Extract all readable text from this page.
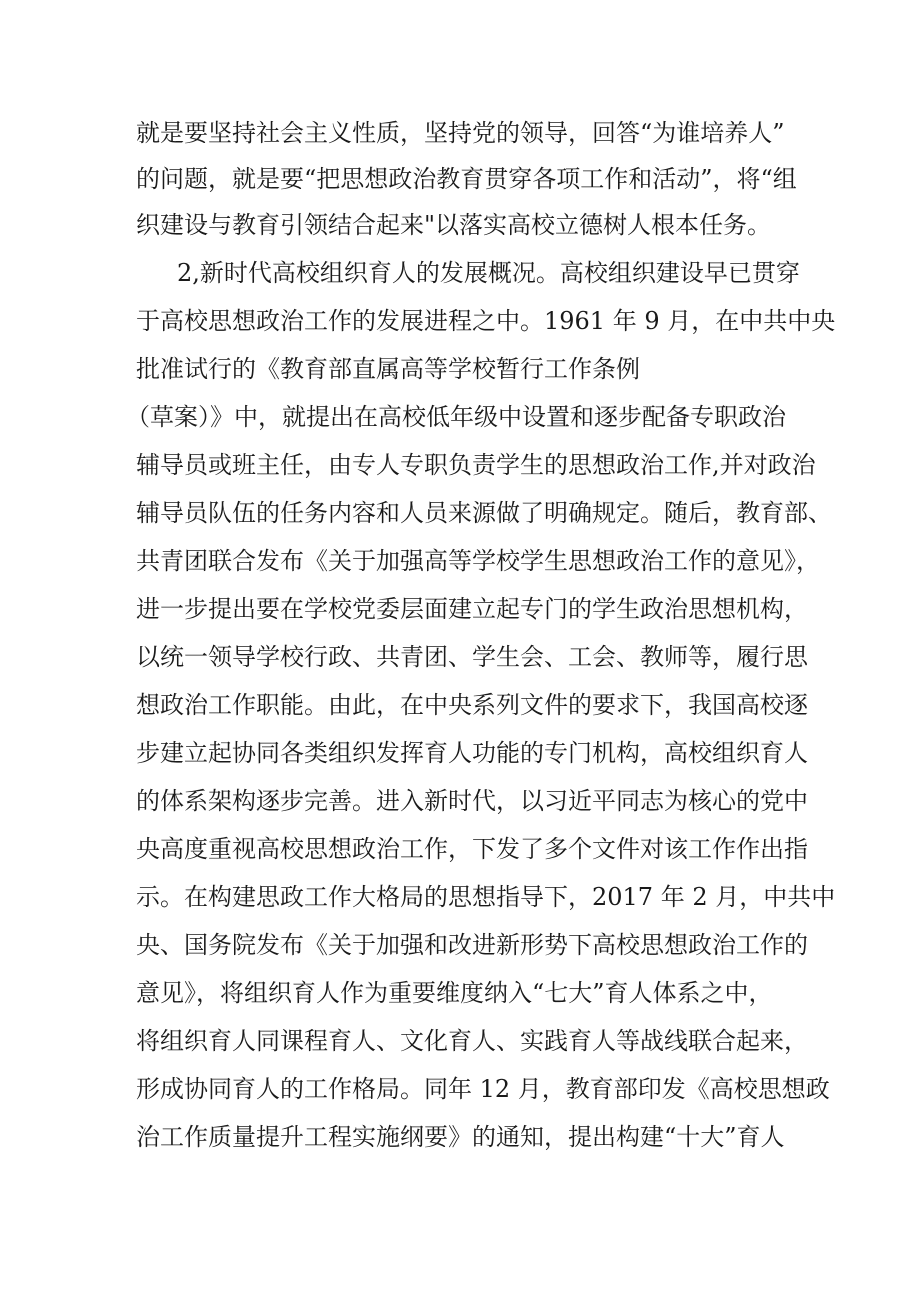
就是要坚持社会主义性质，坚持党的领导，回答“为谁培养人”
的问题，就是要“把思想政治教育贯穿各项工作和活动”，将“组
织建设与教育引领结合起来"以落实高校立德树人根本任务。
2,新时代高校组织育人的发展概况。高校组织建设早已贯穿
于高校思想政治工作的发展进程之中。1961 年 9 月，在中共中央
批准试行的《教育部直属高等学校暂行工作条例
（草案）》中，就提出在高校低年级中设置和逐步配备专职政治
辅导员或班主任，由专人专职负责学生的思想政治工作,并对政治
辅导员队伍的任务内容和人员来源做了明确规定。随后，教育部、
共青团联合发布《关于加强高等学校学生思想政治工作的意见》，
进一步提出要在学校党委层面建立起专门的学生政治思想机构，
以统一领导学校行政、共青团、学生会、工会、教师等，履行思
想政治工作职能。由此，在中央系列文件的要求下，我国高校逐
步建立起协同各类组织发挥育人功能的专门机构，高校组织育人
的体系架构逐步完善。进入新时代，以习近平同志为核心的党中
央高度重视高校思想政治工作，下发了多个文件对该工作作出指
示。在构建思政工作大格局的思想指导下，2017 年 2 月，中共中
央、国务院发布《关于加强和改进新形势下高校思想政治工作的
意见》，将组织育人作为重要维度纳入“七大”育人体系之中，
将组织育人同课程育人、文化育人、实践育人等战线联合起来，
形成协同育人的工作格局。同年 12 月，教育部印发《高校思想政
治工作质量提升工程实施纲要》的通知，提出构建“十大”育人
